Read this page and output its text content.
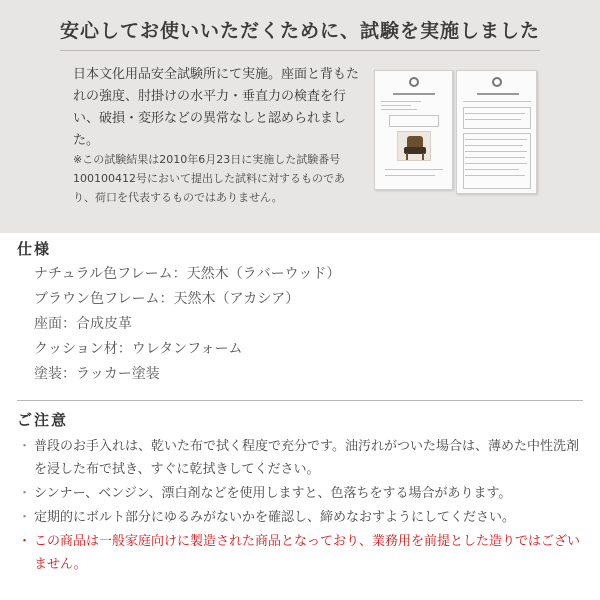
安心してお使いいただくために、試験を実施しました

日本文化用品安全試験所にて実施。座面と背もたれの強度、肘掛けの水平力・垂直力の検査を行い、破損・変形などの異常なしと認められました。

※この試験結果は2010年6月23日に実施した試験番号100100412号において提出した試料に対するものであり、荷口を代表するものではありません。

仕様
ナチュラル色フレーム：天然木（ラバーウッド）
ブラウン色フレーム：天然木（アカシア）
座面：合成皮革
クッション材：ウレタンフォーム
塗装：ラッカー塗装
ご注意
・ 普段のお手入れは、乾いた布で拭く程度で充分です。油汚れがついた場合は、薄めた中性洗剤を浸した布で拭き、すぐに乾拭きしてください。
・ シンナー、ベンジン、漂白剤などを使用しますと、色落ちをする場合があります。
・ 定期的にボルト部分にゆるみがないかを確認し、締めなおすようにしてください。
・ この商品は一般家庭向けに製造された商品となっており、業務用を前提とした造りではございません。
